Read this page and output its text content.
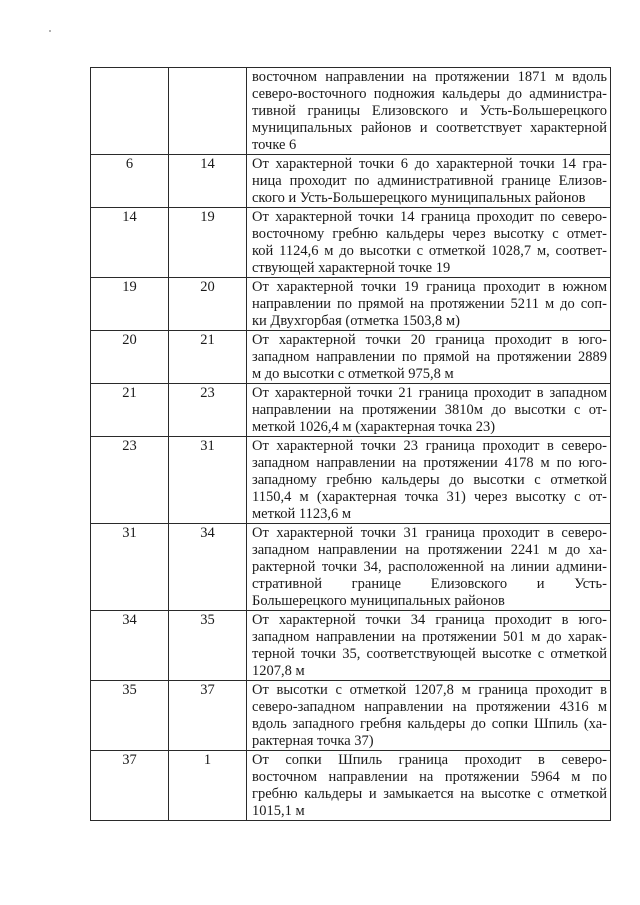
		восточном направлении на протяжении 1871 м вдоль
северо-восточного подножия кальдеры до администра-
тивной границы Елизовского и Усть-Большерецкого
муниципальных районов и соответствует характерной
точке 6

6	14	От характерной точки 6 до характерной точки 14 гра-
ница проходит по административной границе Елизов-
ского и Усть-Большерецкого муниципальных районов

14	19	От характерной точки 14 граница проходит по северо-
восточному гребню кальдеры через высотку с отмет-
кой 1124,6 м до высотки с отметкой 1028,7 м, соответ-
ствующей характерной точке 19

19	20	От характерной точки 19 граница проходит в южном
направлении по прямой на протяжении 5211 м до соп-
ки Двухгорбая (отметка 1503,8 м)

20	21	От характерной точки 20 граница проходит в юго-
западном направлении по прямой на протяжении 2889
м до высотки с отметкой 975,8 м

21	23	От характерной точки 21 граница проходит в западном
направлении на протяжении 3810м до высотки с от-
меткой 1026,4 м (характерная точка 23)

23	31	От характерной точки 23 граница проходит в северо-
западном направлении на протяжении 4178 м по юго-
западному гребню кальдеры до высотки с отметкой
1150,4 м (характерная точка 31) через высотку с от-
меткой 1123,6 м

31	34	От характерной точки 31 граница проходит в северо-
западном направлении на протяжении 2241 м до ха-
рактерной точки 34, расположенной на линии админи-
стративной границе Елизовского и Усть-
Большерецкого муниципальных районов

34	35	От характерной точки 34 граница проходит в юго-
западном направлении на протяжении 501 м до харак-
терной точки 35, соответствующей высотке с отметкой
1207,8 м

35	37	От высотки с отметкой 1207,8 м граница проходит в
северо-западном направлении на протяжении 4316 м
вдоль западного гребня кальдеры до сопки Шпиль (ха-
рактерная точка 37)

37	1	От сопки Шпиль граница проходит в северо-
восточном направлении на протяжении 5964 м по
гребню кальдеры и замыкается на высотке с отметкой
1015,1 м
